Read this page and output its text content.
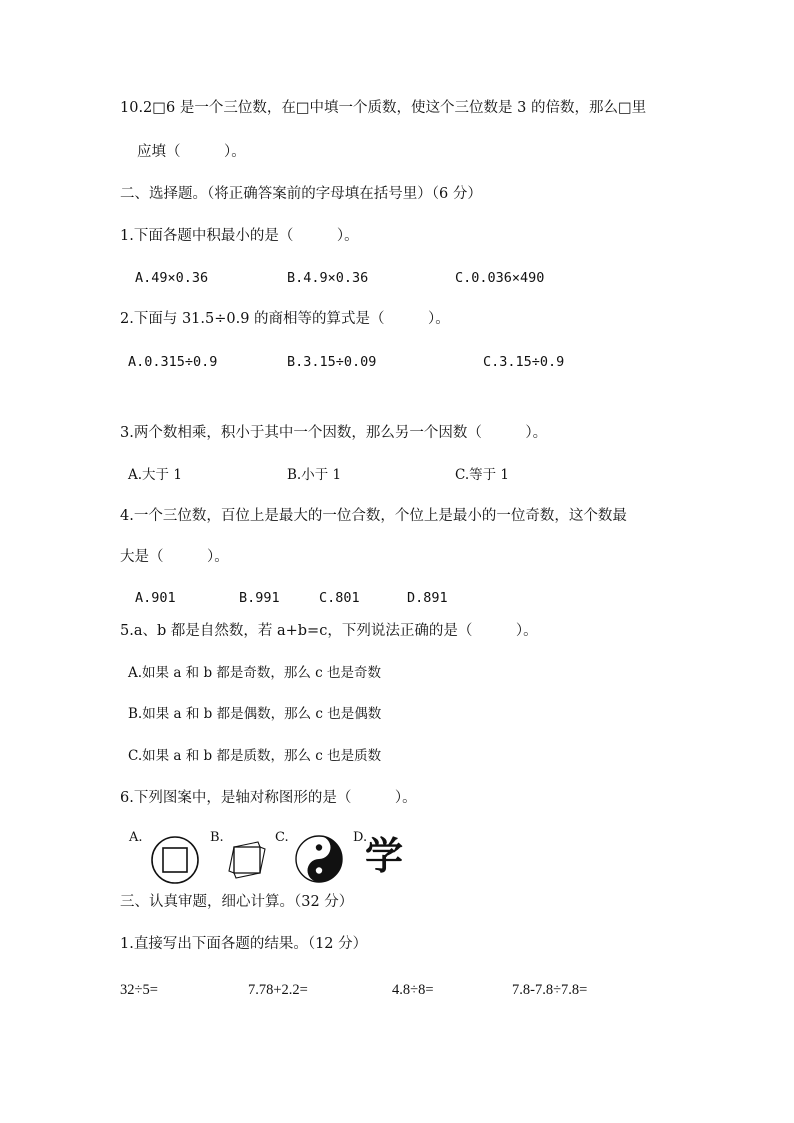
10.2□6 是一个三位数，在□中填一个质数，使这个三位数是 3 的倍数，那么□里
应填（　　　）。
二、选择题。（将正确答案前的字母填在括号里）（6 分）
1.下面各题中积最小的是（　　　）。
A.49×0.36	B.4.9×0.36	C.0.036×490
2.下面与 31.5÷0.9 的商相等的算式是（　　　）。
A.0.315÷0.9	B.3.15÷0.09	C.3.15÷0.9
3.两个数相乘，积小于其中一个因数，那么另一个因数（　　　）。
A.大于 1	B.小于 1	C.等于 1
4.一个三位数，百位上是最大的一位合数，个位上是最小的一位奇数，这个数最
大是（　　　）。
A.901	B.991	C.801	D.891
5.a、b 都是自然数，若 a+b=c，下列说法正确的是（　　　）。
A.如果 a 和 b 都是奇数，那么 c 也是奇数
B.如果 a 和 b 都是偶数，那么 c 也是偶数
C.如果 a 和 b 都是质数，那么 c 也是质数
6.下列图案中，是轴对称图形的是（　　　）。
A.	B.	C.	D.
学
三、认真审题，细心计算。（32 分）
1.直接写出下面各题的结果。（12 分）
32÷5=	7.78+2.2=	4.8÷8=	7.8-7.8÷7.8=
